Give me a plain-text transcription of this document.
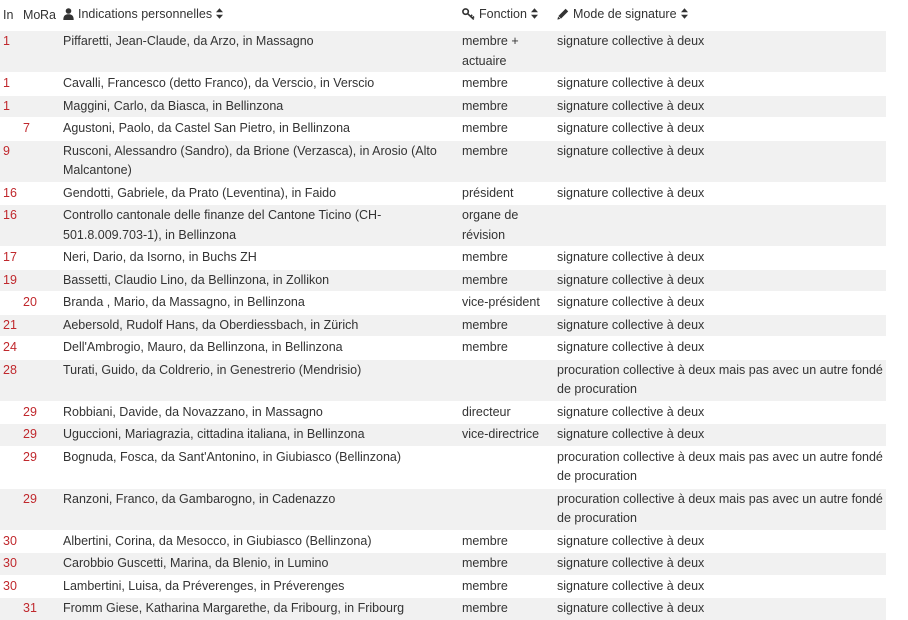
In	Mo	Ra	Indications personnelles	Fonction	Mode de signature
1			Piffaretti, Jean-Claude, da Arzo, in Massagno	membre + actuaire	signature collective à deux
1			Cavalli, Francesco (detto Franco), da Verscio, in Verscio	membre	signature collective à deux
1			Maggini, Carlo, da Biasca, in Bellinzona	membre	signature collective à deux
	7		Agustoni, Paolo, da Castel San Pietro, in Bellinzona	membre	signature collective à deux
9			Rusconi, Alessandro (Sandro), da Brione (Verzasca), in Arosio (Alto Malcantone)	membre	signature collective à deux
16			Gendotti, Gabriele, da Prato (Leventina), in Faido	président	signature collective à deux
16			Controllo cantonale delle finanze del Cantone Ticino (CH-501.8.009.703-1), in Bellinzona	organe de révision	
17			Neri, Dario, da Isorno, in Buchs ZH	membre	signature collective à deux
19			Bassetti, Claudio Lino, da Bellinzona, in Zollikon	membre	signature collective à deux
	20		Branda , Mario, da Massagno, in Bellinzona	vice-président	signature collective à deux
21			Aebersold, Rudolf Hans, da Oberdiessbach, in Zürich	membre	signature collective à deux
24			Dell'Ambrogio, Mauro, da Bellinzona, in Bellinzona	membre	signature collective à deux
28			Turati, Guido, da Coldrerio, in Genestrerio (Mendrisio)		procuration collective à deux mais pas avec un autre fondé de procuration
	29		Robbiani, Davide, da Novazzano, in Massagno	directeur	signature collective à deux
	29		Uguccioni, Mariagrazia, cittadina italiana, in Bellinzona	vice-directrice	signature collective à deux
	29		Bognuda, Fosca, da Sant'Antonino, in Giubiasco (Bellinzona)		procuration collective à deux mais pas avec un autre fondé de procuration
	29		Ranzoni, Franco, da Gambarogno, in Cadenazzo		procuration collective à deux mais pas avec un autre fondé de procuration
30			Albertini, Corina, da Mesocco, in Giubiasco (Bellinzona)	membre	signature collective à deux
30			Carobbio Guscetti, Marina, da Blenio, in Lumino	membre	signature collective à deux
30			Lambertini, Luisa, da Préverenges, in Préverenges	membre	signature collective à deux
	31		Fromm Giese, Katharina Margarethe, da Fribourg, in Fribourg	membre	signature collective à deux
